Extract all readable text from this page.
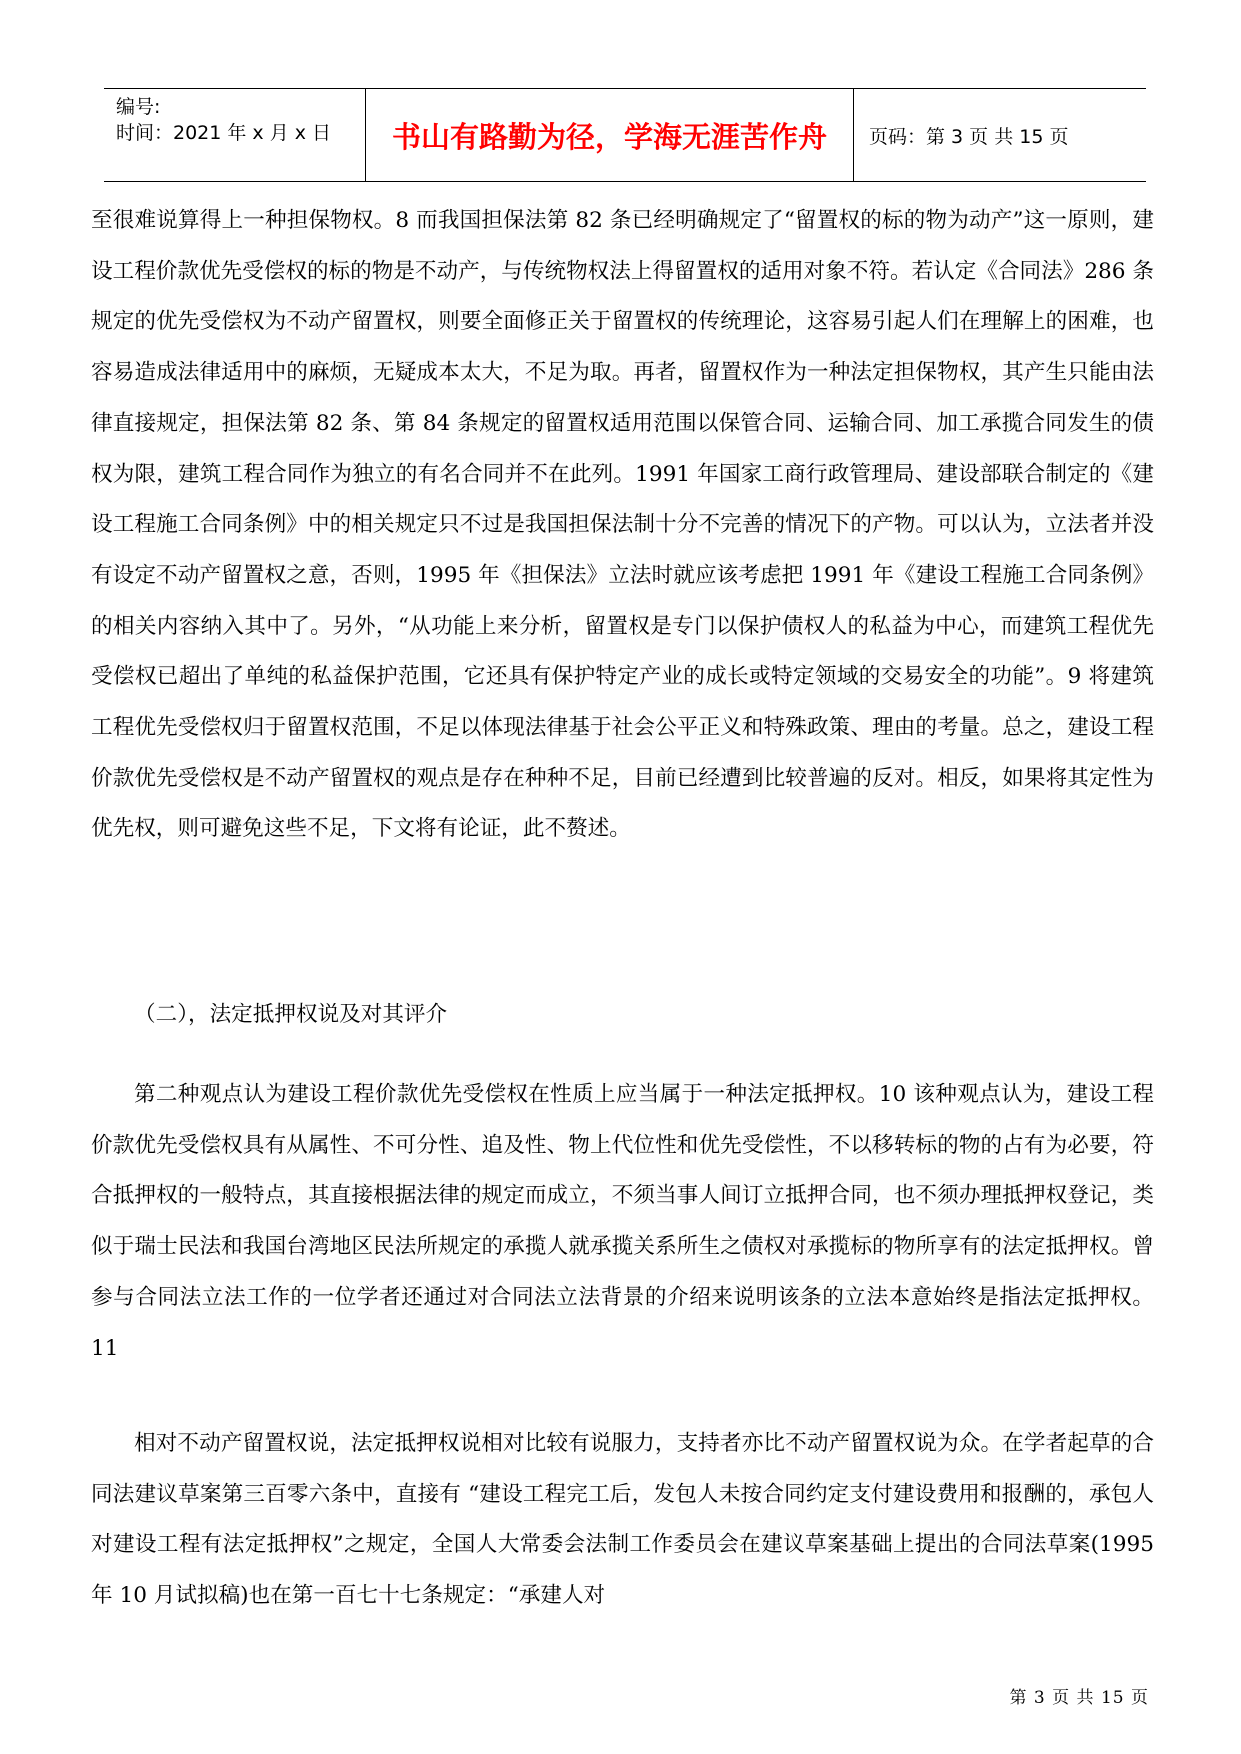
编号:
时间：2021 年 x 月 x 日	书山有路勤为径，学海无涯苦作舟 页码：第 3 页 共 15 页

至很难说算得上一种担保物权。8 而我国担保法第 82 条已经明确规定了“留置权的标的物为动产”这一原则，建设工程价款优先受偿权的标的物是不动产，与传统物权法上得留置权的适用对象不符。若认定《合同法》286 条规定的优先受偿权为不动产留置权，则要全面修正关于留置权的传统理论，这容易引起人们在理解上的困难，也容易造成法律适用中的麻烦，无疑成本太大，不足为取。再者，留置权作为一种法定担保物权，其产生只能由法律直接规定，担保法第 82 条、第 84 条规定的留置权适用范围以保管合同、运输合同、加工承揽合同发生的债权为限，建筑工程合同作为独立的有名合同并不在此列。1991 年国家工商行政管理局、建设部联合制定的《建设工程施工合同条例》中的相关规定只不过是我国担保法制十分不完善的情况下的产物。可以认为，立法者并没有设定不动产留置权之意，否则，1995 年《担保法》立法时就应该考虑把 1991 年《建设工程施工合同条例》的相关内容纳入其中了。另外，“从功能上来分析，留置权是专门以保护债权人的私益为中心，而建筑工程优先受偿权已超出了单纯的私益保护范围，它还具有保护特定产业的成长或特定领域的交易安全的功能”。9 将建筑工程优先受偿权归于留置权范围，不足以体现法律基于社会公平正义和特殊政策、理由的考量。总之，建设工程价款优先受偿权是不动产留置权的观点是存在种种不足，目前已经遭到比较普遍的反对。相反，如果将其定性为优先权，则可避免这些不足，下文将有论证，此不赘述。

（二），法定抵押权说及对其评介
第二种观点认为建设工程价款优先受偿权在性质上应当属于一种法定抵押权。10 该种观点认为，建设工程价款优先受偿权具有从属性、不可分性、追及性、物上代位性和优先受偿性，不以移转标的物的占有为必要，符合抵押权的一般特点，其直接根据法律的规定而成立，不须当事人间订立抵押合同，也不须办理抵押权登记，类似于瑞士民法和我国台湾地区民法所规定的承揽人就承揽关系所生之债权对承揽标的物所享有的法定抵押权。曾参与合同法立法工作的一位学者还通过对合同法立法背景的介绍来说明该条的立法本意始终是指法定抵押权。11
相对不动产留置权说，法定抵押权说相对比较有说服力，支持者亦比不动产留置权说为众。在学者起草的合同法建议草案第三百零六条中，直接有 “建设工程完工后，发包人未按合同约定支付建设费用和报酬的，承包人对建设工程有法定抵押权”之规定，全国人大常委会法制工作委员会在建议草案基础上提出的合同法草案(1995 年 10 月试拟稿)也在第一百七十七条规定：“承建人对
第 3 页 共 15 页
